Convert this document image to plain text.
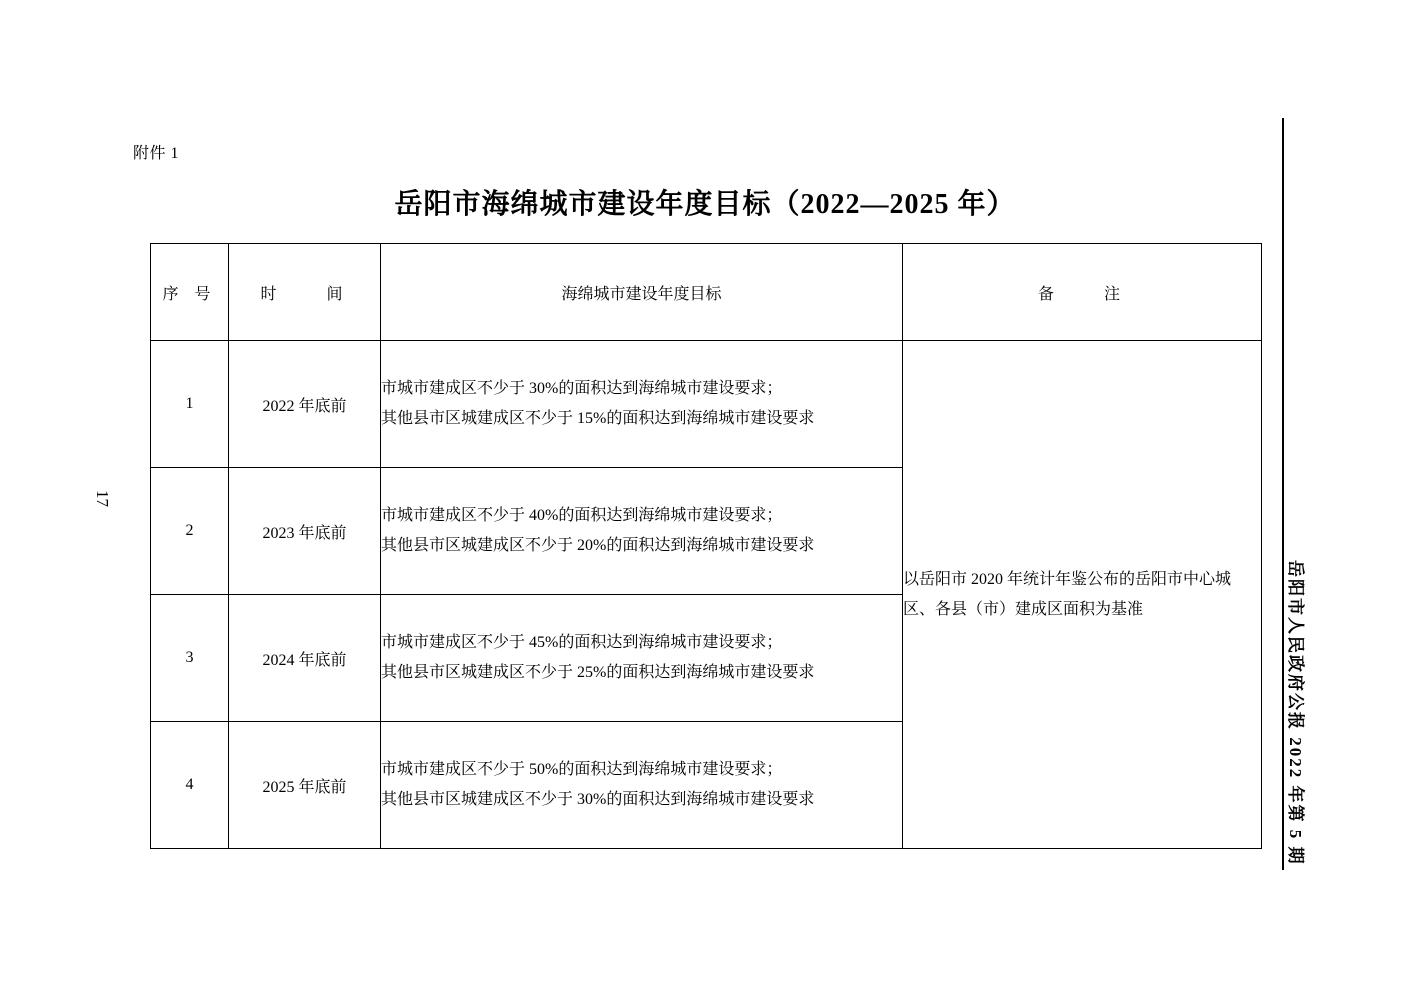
附件 1
岳阳市海绵城市建设年度目标（2022—2025 年）
17
岳阳市人民政府公报 2022 年第 5 期
序 号	时　　间	海绵城市建设年度目标	备　　注
1	2022 年底前	市城市建成区不少于 30%的面积达到海绵城市建设要求；
其他县市区城建成区不少于 15%的面积达到海绵城市建设要求	以岳阳市 2020 年统计年鉴公布的岳阳市中心城区、各县（市）建成区面积为基准
2	2023 年底前	市城市建成区不少于 40%的面积达到海绵城市建设要求；
其他县市区城建成区不少于 20%的面积达到海绵城市建设要求	

3	2024 年底前	市城市建成区不少于 45%的面积达到海绵城市建设要求；
其他县市区城建成区不少于 25%的面积达到海绵城市建设要求	

4	2025 年底前	市城市建成区不少于 50%的面积达到海绵城市建设要求；
其他县市区城建成区不少于 30%的面积达到海绵城市建设要求	
